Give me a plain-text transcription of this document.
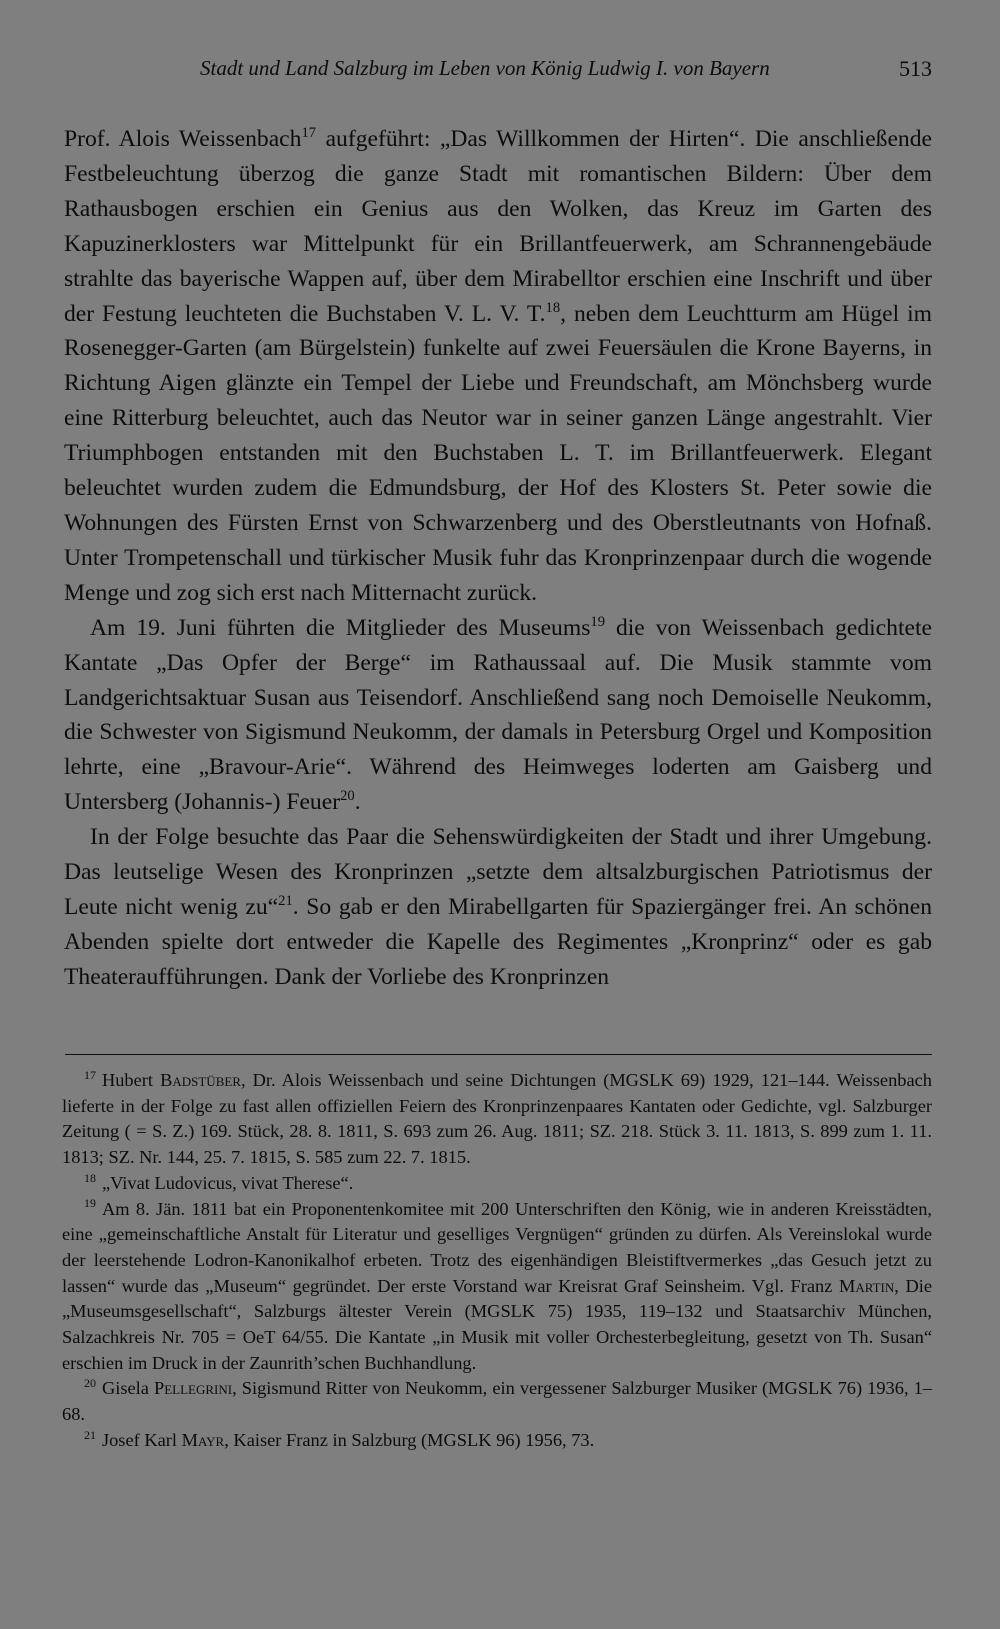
Stadt und Land Salzburg im Leben von König Ludwig I. von Bayern	513

Prof. Alois Weissenbach$^{17}$ aufgeführt: „Das Willkommen der Hirten“. Die anschließende Festbeleuchtung überzog die ganze Stadt mit romantischen Bildern: Über dem Rathausbogen erschien ein Genius aus den Wolken, das Kreuz im Garten des Kapuzinerklosters war Mittelpunkt für ein Brillantfeuerwerk, am Schrannengebäude strahlte das bayerische Wappen auf, über dem Mirabelltor erschien eine Inschrift und über der Festung leuchteten die Buchstaben V. L. V. T.$^{18}$, neben dem Leuchtturm am Hügel im Rosenegger-Garten (am Bürgelstein) funkelte auf zwei Feuersäulen die Krone Bayerns, in Richtung Aigen glänzte ein Tempel der Liebe und Freundschaft, am Mönchsberg wurde eine Ritterburg beleuchtet, auch das Neutor war in seiner ganzen Länge angestrahlt. Vier Triumphbogen entstanden mit den Buchstaben L. T. im Brillantfeuerwerk. Elegant beleuchtet wurden zudem die Edmundsburg, der Hof des Klosters St. Peter sowie die Wohnungen des Fürsten Ernst von Schwarzenberg und des Oberstleutnants von Hofnaß. Unter Trompetenschall und türkischer Musik fuhr das Kronprinzenpaar durch die wogende Menge und zog sich erst nach Mitternacht zurück.

Am 19. Juni führten die Mitglieder des Museums$^{19}$ die von Weissenbach gedichtete Kantate „Das Opfer der Berge“ im Rathaussaal auf. Die Musik stammte vom Landgerichtsaktuar Susan aus Teisendorf. Anschließend sang noch Demoiselle Neukomm, die Schwester von Sigismund Neukomm, der damals in Petersburg Orgel und Komposition lehrte, eine „Bravour-Arie“. Während des Heimweges loderten am Gaisberg und Untersberg (Johannis-) Feuer$^{20}$.

In der Folge besuchte das Paar die Sehenswürdigkeiten der Stadt und ihrer Umgebung. Das leutselige Wesen des Kronprinzen „setzte dem altsalzburgischen Patriotismus der Leute nicht wenig zu“$^{21}$. So gab er den Mirabellgarten für Spaziergänger frei. An schönen Abenden spielte dort entweder die Kapelle des Regimentes „Kronprinz“ oder es gab Theateraufführungen. Dank der Vorliebe des Kronprinzen

$^{17}$ Hubert Badstüber, Dr. Alois Weissenbach und seine Dichtungen (MGSLK 69) 1929, 121–144. Weissenbach lieferte in der Folge zu fast allen offiziellen Feiern des Kronprinzenpaares Kantaten oder Gedichte, vgl. Salzburger Zeitung ( = S. Z.) 169. Stück, 28. 8. 1811, S. 693 zum 26. Aug. 1811; SZ. 218. Stück 3. 11. 1813, S. 899 zum 1. 11. 1813; SZ. Nr. 144, 25. 7. 1815, S. 585 zum 22. 7. 1815.

$^{18}$ „Vivat Ludovicus, vivat Therese“.

$^{19}$ Am 8. Jän. 1811 bat ein Proponentenkomitee mit 200 Unterschriften den König, wie in anderen Kreisstädten, eine „gemeinschaftliche Anstalt für Literatur und geselliges Vergnügen“ gründen zu dürfen. Als Vereinslokal wurde der leerstehende Lodron-Kanonikalhof erbeten. Trotz des eigenhändigen Bleistiftvermerkes „das Gesuch jetzt zu lassen“ wurde das „Museum“ gegründet. Der erste Vorstand war Kreisrat Graf Seinsheim. Vgl. Franz Martin, Die „Museumsgesellschaft“, Salzburgs ältester Verein (MGSLK 75) 1935, 119–132 und Staatsarchiv München, Salzachkreis Nr. 705 = OeT 64/55. Die Kantate „in Musik mit voller Orchesterbegleitung, gesetzt von Th. Susan“ erschien im Druck in der Zaunrith’schen Buchhandlung.

$^{20}$ Gisela Pellegrini, Sigismund Ritter von Neukomm, ein vergessener Salzburger Musiker (MGSLK 76) 1936, 1–68.

$^{21}$ Josef Karl Mayr, Kaiser Franz in Salzburg (MGSLK 96) 1956, 73.
